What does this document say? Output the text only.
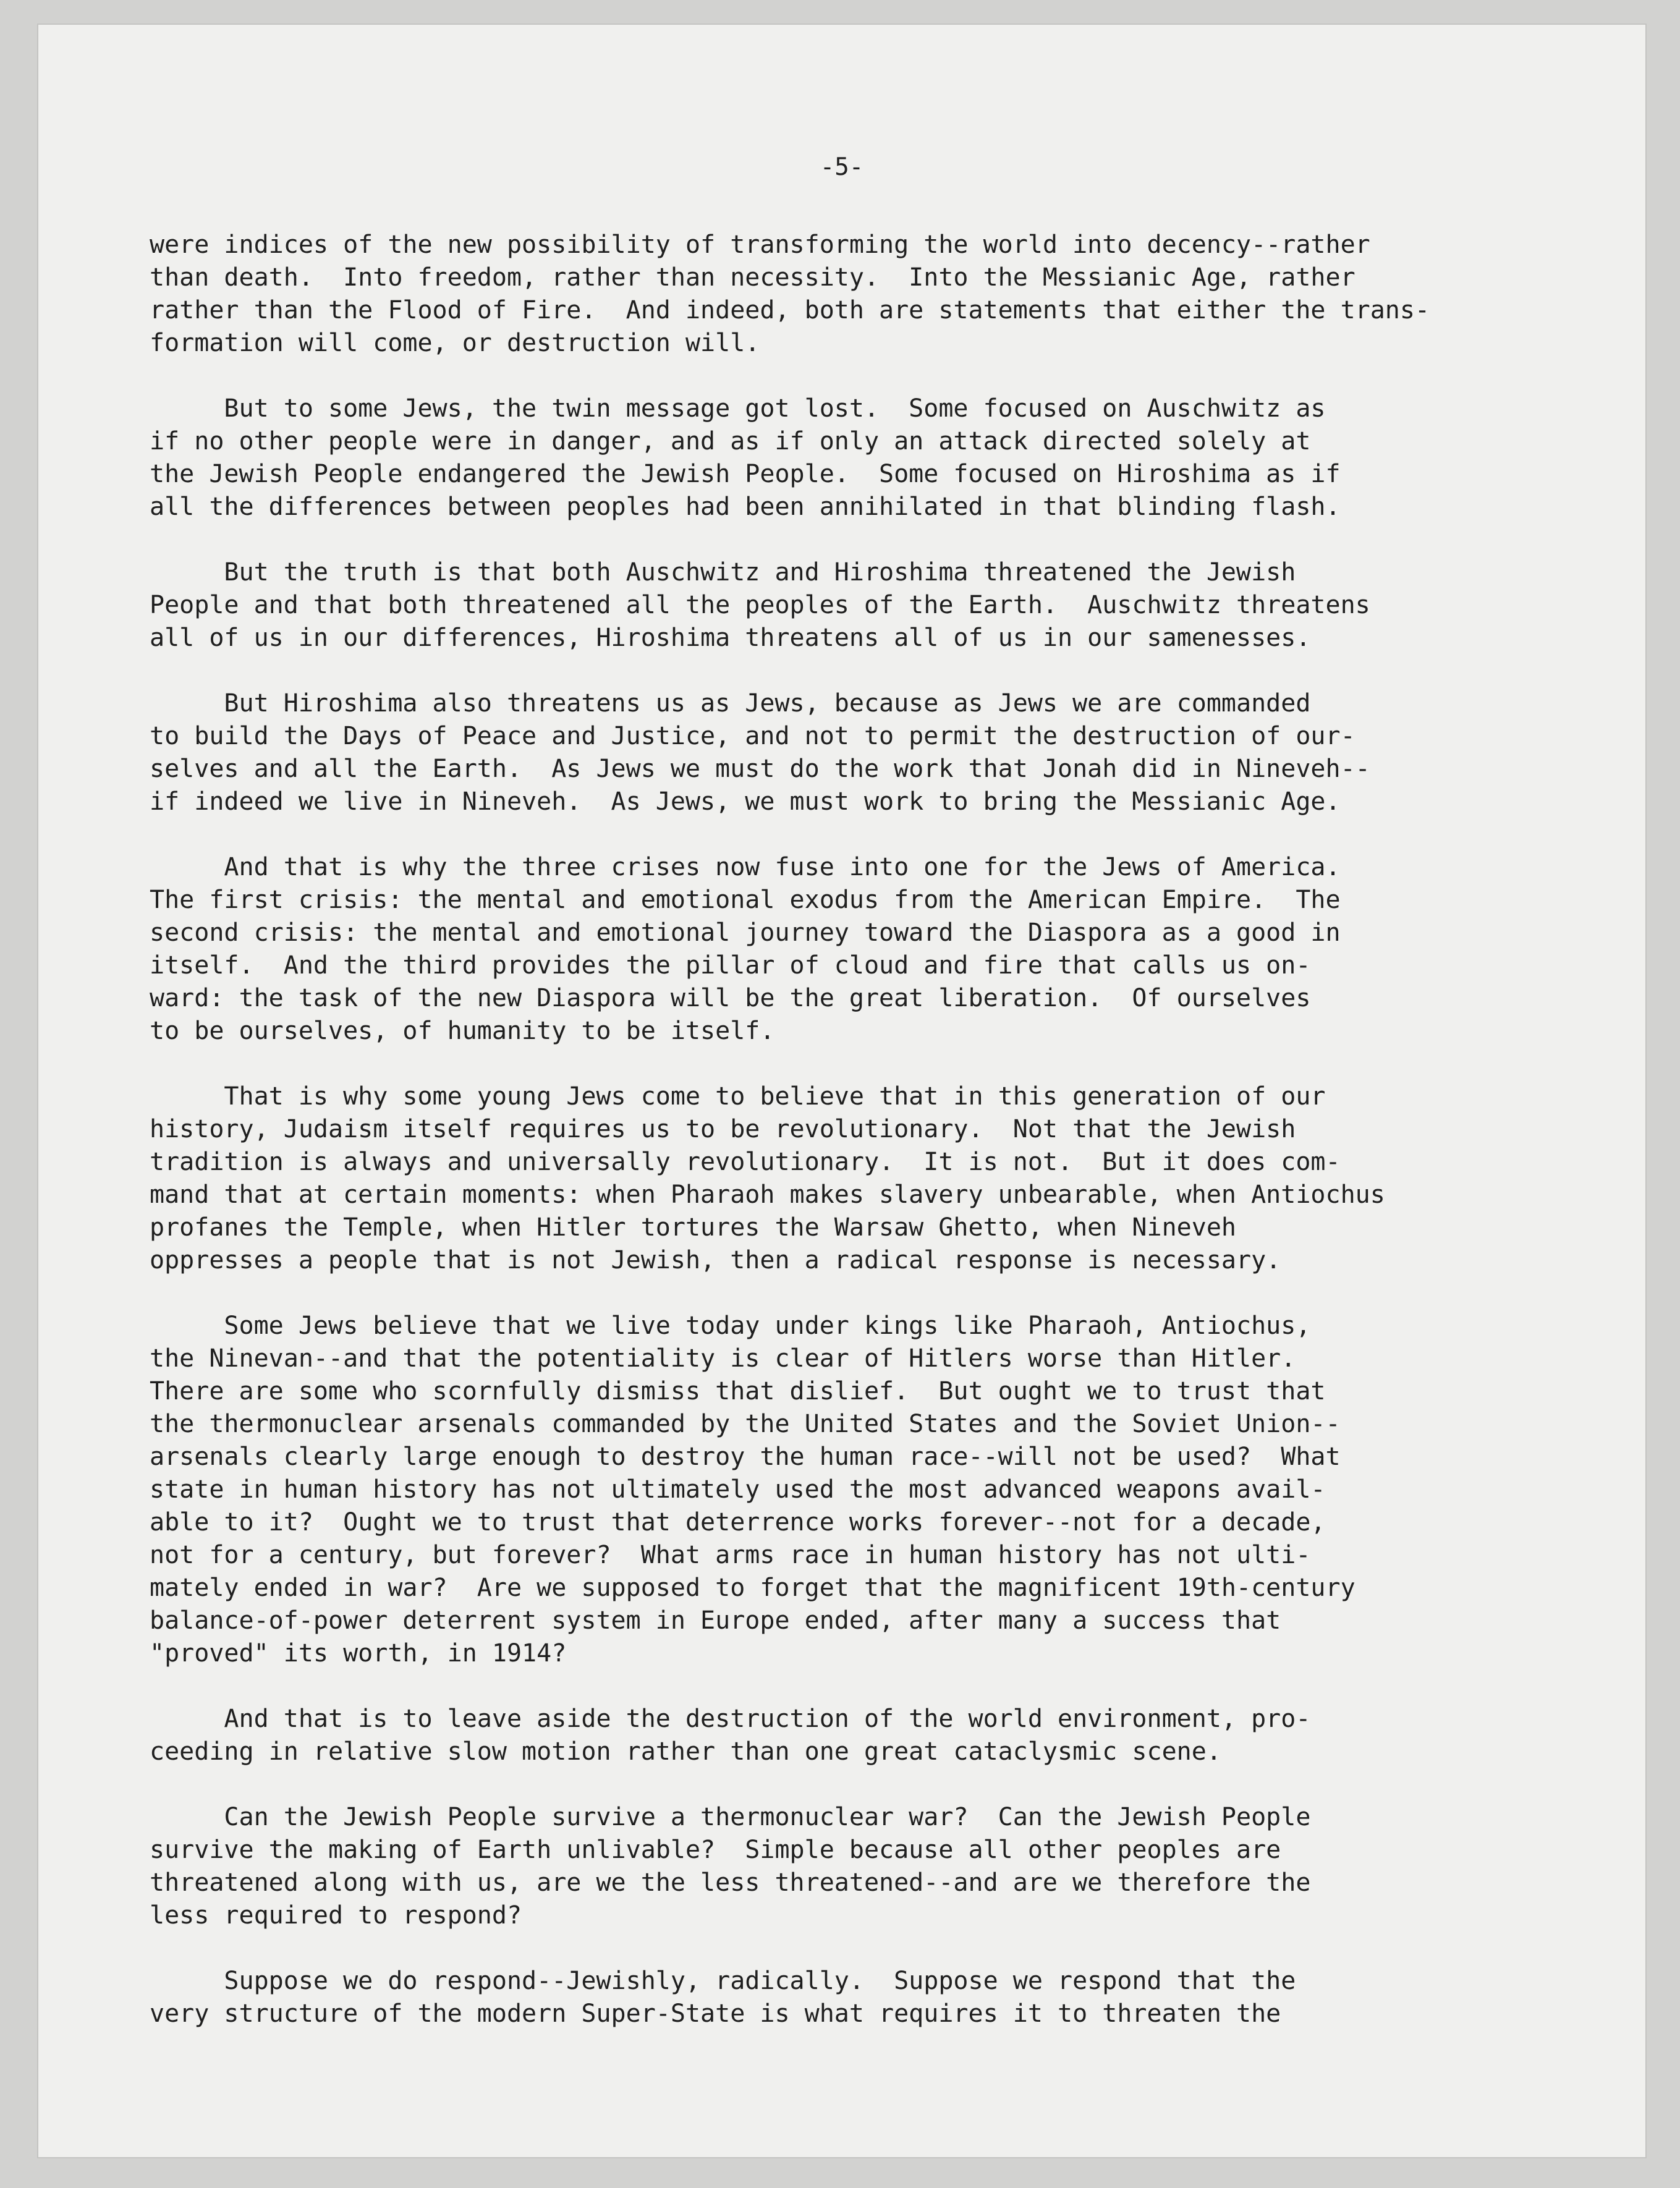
-5-
were indices of the new possibility of transforming the world into decency--rather
than death.  Into freedom, rather than necessity.  Into the Messianic Age, rather
rather than the Flood of Fire.  And indeed, both are statements that either the trans-
formation will come, or destruction will.
But to some Jews, the twin message got lost.  Some focused on Auschwitz as
if no other people were in danger, and as if only an attack directed solely at
the Jewish People endangered the Jewish People.  Some focused on Hiroshima as if
all the differences between peoples had been annihilated in that blinding flash.
But the truth is that both Auschwitz and Hiroshima threatened the Jewish
People and that both threatened all the peoples of the Earth.  Auschwitz threatens
all of us in our differences, Hiroshima threatens all of us in our samenesses.
But Hiroshima also threatens us as Jews, because as Jews we are commanded
to build the Days of Peace and Justice, and not to permit the destruction of our-
selves and all the Earth.  As Jews we must do the work that Jonah did in Nineveh--
if indeed we live in Nineveh.  As Jews, we must work to bring the Messianic Age.
And that is why the three crises now fuse into one for the Jews of America.
The first crisis: the mental and emotional exodus from the American Empire.  The
second crisis: the mental and emotional journey toward the Diaspora as a good in
itself.  And the third provides the pillar of cloud and fire that calls us on-
ward: the task of the new Diaspora will be the great liberation.  Of ourselves
to be ourselves, of humanity to be itself.
That is why some young Jews come to believe that in this generation of our
history, Judaism itself requires us to be revolutionary.  Not that the Jewish
tradition is always and universally revolutionary.  It is not.  But it does com-
mand that at certain moments: when Pharaoh makes slavery unbearable, when Antiochus
profanes the Temple, when Hitler tortures the Warsaw Ghetto, when Nineveh
oppresses a people that is not Jewish, then a radical response is necessary.
Some Jews believe that we live today under kings like Pharaoh, Antiochus,
the Ninevan--and that the potentiality is clear of Hitlers worse than Hitler.
There are some who scornfully dismiss that dislief.  But ought we to trust that
the thermonuclear arsenals commanded by the United States and the Soviet Union--
arsenals clearly large enough to destroy the human race--will not be used?  What
state in human history has not ultimately used the most advanced weapons avail-
able to it?  Ought we to trust that deterrence works forever--not for a decade,
not for a century, but forever?  What arms race in human history has not ulti-
mately ended in war?  Are we supposed to forget that the magnificent 19th-century
balance-of-power deterrent system in Europe ended, after many a success that
"proved" its worth, in 1914?
And that is to leave aside the destruction of the world environment, pro-
ceeding in relative slow motion rather than one great cataclysmic scene.
Can the Jewish People survive a thermonuclear war?  Can the Jewish People
survive the making of Earth unlivable?  Simple because all other peoples are
threatened along with us, are we the less threatened--and are we therefore the
less required to respond?
Suppose we do respond--Jewishly, radically.  Suppose we respond that the
very structure of the modern Super-State is what requires it to threaten the
